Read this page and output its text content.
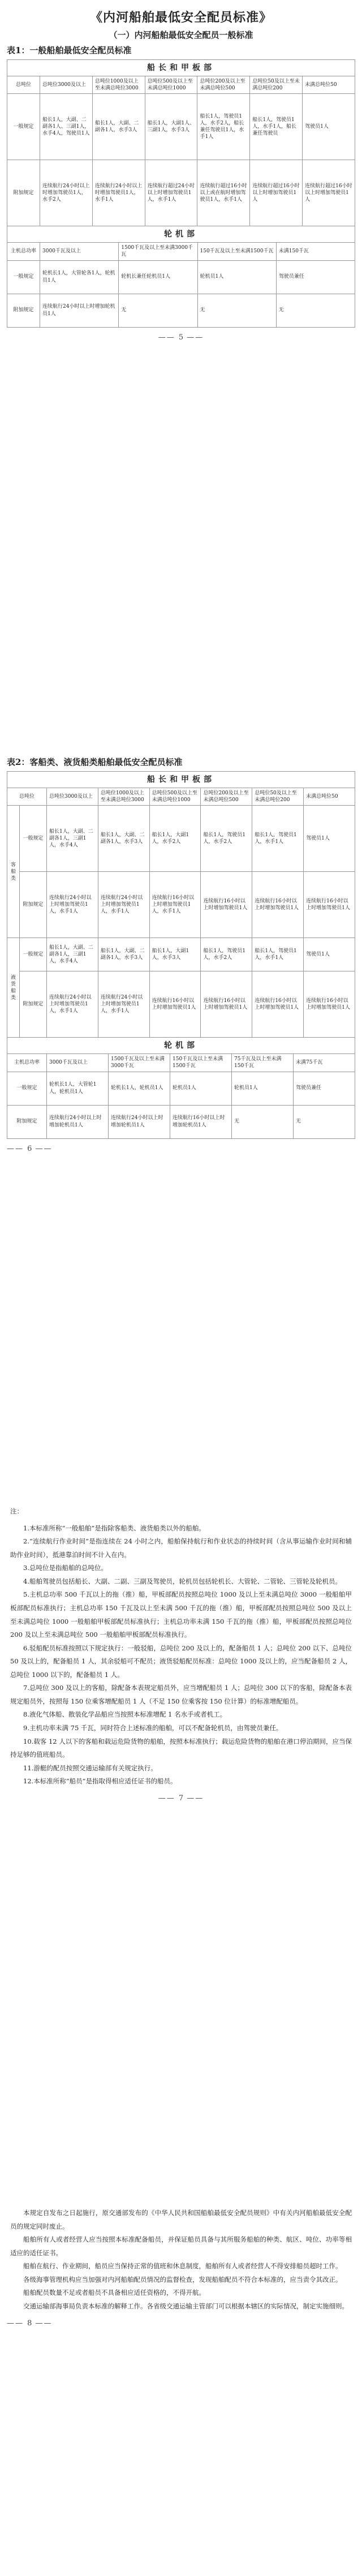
《内河船舶最低安全配员标准》
（一）内河船舶最低安全配员一般标准
表1：一般船舶最低安全配员标准
船长和甲板部						
总吨位	总吨位3000及以上	总吨位1000及以上至未满总吨位3000	总吨位500及以上至未满总吨位1000	总吨位200及以上至未满总吨位500	总吨位50及以上至未满总吨位200	未满总吨位50
一般规定	船长1人，大副、二副各1人、三副1人，水手4人，驾驶员1人	船长1人，大副、二副各1人，水手3人	船长1人，大副1人、三副1人，水手3人	船长1人，驾驶员1人，水手2人，船长兼任驾驶员1人，水手1人	船长1人，驾驶员1人，水手1人，船长兼任驾驶员	驾驶员1人
附加规定	连续航行24小时以上时增加驾驶员1人，水手2人	连续航行24小时以上时增加驾驶员1人，水手1人	连续航行超过24小时以上时增加驾驶员1人，水手1人	连续航行超过16小时以上或在航时增加驾驶员1人，水手1人	连续航行超过16小时以上时增加驾驶员1人	连续航行超过16小时以上时增加驾驶员1人
轮机部				
主机总功率	3000千瓦及以上	1500千瓦及以上至未满3000千瓦	150千瓦及以上至未满1500千瓦	未满150千瓦
一般规定	轮机长1人，大管轮各1人，轮机员1人	轮机长兼任轮机员1人	轮机员1人	驾驶员兼任
附加规定	连续航行24小时以上时增加轮机员1人	无	无	无
—— 5 ——
表2：客船类、液货船类船舶最低安全配员标准
船长和甲板部							
总吨位		总吨位3000及以上	总吨位1000及以上至未满总吨位3000	总吨位500及以上至未满总吨位1000	总吨位200及以上至未满总吨位500	总吨位50及以上至未满总吨位200	未满总吨位50
客船类	一般规定	船长1人，大副、二副各1人，三副1人，水手4人	船长1人，大副、二副各1人，水手3人	船长1人，大副1人，水手2人	船长1人，驾驶员1人，水手2人	船长1人，驾驶员1人，水手1人	驾驶员1人
	附加规定	连续航行24小时以上时增加驾驶员1人，水手1人	连续航行24小时以上时增加驾驶员1人，水手1人	连续航行16小时以上时增加驾驶员1人，水手1人	连续航行16小时以上时增加驾驶员1人	连续航行16小时以上时增加驾驶员1人	连续航行16小时以上时增加驾驶员1人
液货船类	一般规定	船长1人，大副、二副各1人，三副1人，水手4人	船长1人，大副、二副各1人，水手3人	船长1人，大副1人，水手3人	船长1人，驾驶员1人，水手2人	船长1人，驾驶员1人，水手1人	驾驶员1人
	附加规定	连续航行24小时以上时增加驾驶员1人，水手1人	连续航行24小时以上时增加驾驶员1人，水手1人	连续航行16小时以上时增加驾驶员1人	连续航行16小时以上时增加驾驶员1人	连续航行16小时以上时增加驾驶员1人	连续航行16小时以上时增加驾驶员1人
轮机部					
主机总功率	3000千瓦及以上	1500千瓦及以上至未满3000千瓦	150千瓦及以上至未满1500千瓦	75千瓦及以上至未满150千瓦	未满75千瓦
一般规定	轮机长1人，大管轮1人，轮机员1人	轮机长1人，轮机员1人	轮机员1人	轮机员1人	驾驶员兼任
附加规定	连续航行24小时以上时增加轮机员1人	连续航行24小时以上时增加轮机员1人	连续航行16小时以上时增加轮机员1人	无	无
—— 6 ——

注：

1.本标准所称“一般船舶”是指除客船类、液货船类以外的船舶。

2.“连续航行作业时间”是指连续在 24 小时之内，船舶保持航行和作业状态的持续时间（含从事运输作业时间和辅助作业时间），抵港靠泊时间不计入在内。

3.总吨位是指船舶的总吨位。

4.船舶驾驶员包括船长、大副、二副、三副及驾驶员，轮机员包括轮机长、大管轮、二管轮、三管轮及轮机员。

5.主机总功率 500 千瓦以上的拖（推）船，甲板部配员按照总吨位 1000 及以上至未满总吨位 3000 一般船舶甲板部配员标准执行；主机总功率 150 千瓦及以上至未满 500 千瓦的拖（推）船，甲板部配员按照总吨位 500 及以上至未满总吨位 1000 一般船舶甲板部配员标准执行；主机总功率未满 150 千瓦的拖（推）船，甲板部配员按照总吨位 200 及以上至未满总吨位 500 一般船舶甲板部配员标准执行。

6.驳船配员标准按照以下规定执行：一般驳船，总吨位 200 及以上的，配备船员 1 人；总吨位 200 以下、总吨位 50 及以上的，配备船员 1 人，其余驳船可不配员；液货驳船配员标准：总吨位 1000 及以上的，应当配备船员 2 人，总吨位 1000 以下的，配备船员 1 人。

7.总吨位 300 及以上的客船，除配备本表规定船员外，应当增配船员 1 人；总吨位 300 以下的客船，除配备本表规定船员外，按照每 150 位乘客增配船员 1 人（不足 150 位乘客按 150 位计算）的标准增配船员。

8.液化气体船、散装化学品船应当按照本标准增配 1 名水手或者机工。

9.主机功率未满 75 千瓦，同时符合上述标准的船舶，可以不配备轮机员，由驾驶员兼任。

10.载客 12 人以下的客船和载运危险货物的船舶，按照本标准执行；载运危险货物的船舶在港口停泊期间，应当保持足够的值班船员。

11.游艇的配员按照交通运输部有关规定执行。

12.本标准所称“船员”是指取得相应适任证书的船员。

—— 7 ——

本规定自发布之日起施行，原交通部发布的《中华人民共和国船舶最低安全配员规则》中有关内河船舶最低安全配员的规定同时废止。

船舶所有人或者经营人应当按照本标准配备船员，并保证船员具备与其所服务船舶的种类、航区、吨位、功率等相适应的适任证书。

船舶在航行、作业期间，船员应当保持正常的值班和休息制度，船舶所有人或者经营人不得安排船员超时工作。

各级海事管理机构应当加强对内河船舶配员情况的监督检查，发现船舶配员不符合本标准的，应当责令其改正。

船舶配员数量不足或者船员不具备相应适任资格的，不得开航。

交通运输部海事局负责本标准的解释工作。各省级交通运输主管部门可以根据本辖区的实际情况，制定实施细则。

—— 8 ——
